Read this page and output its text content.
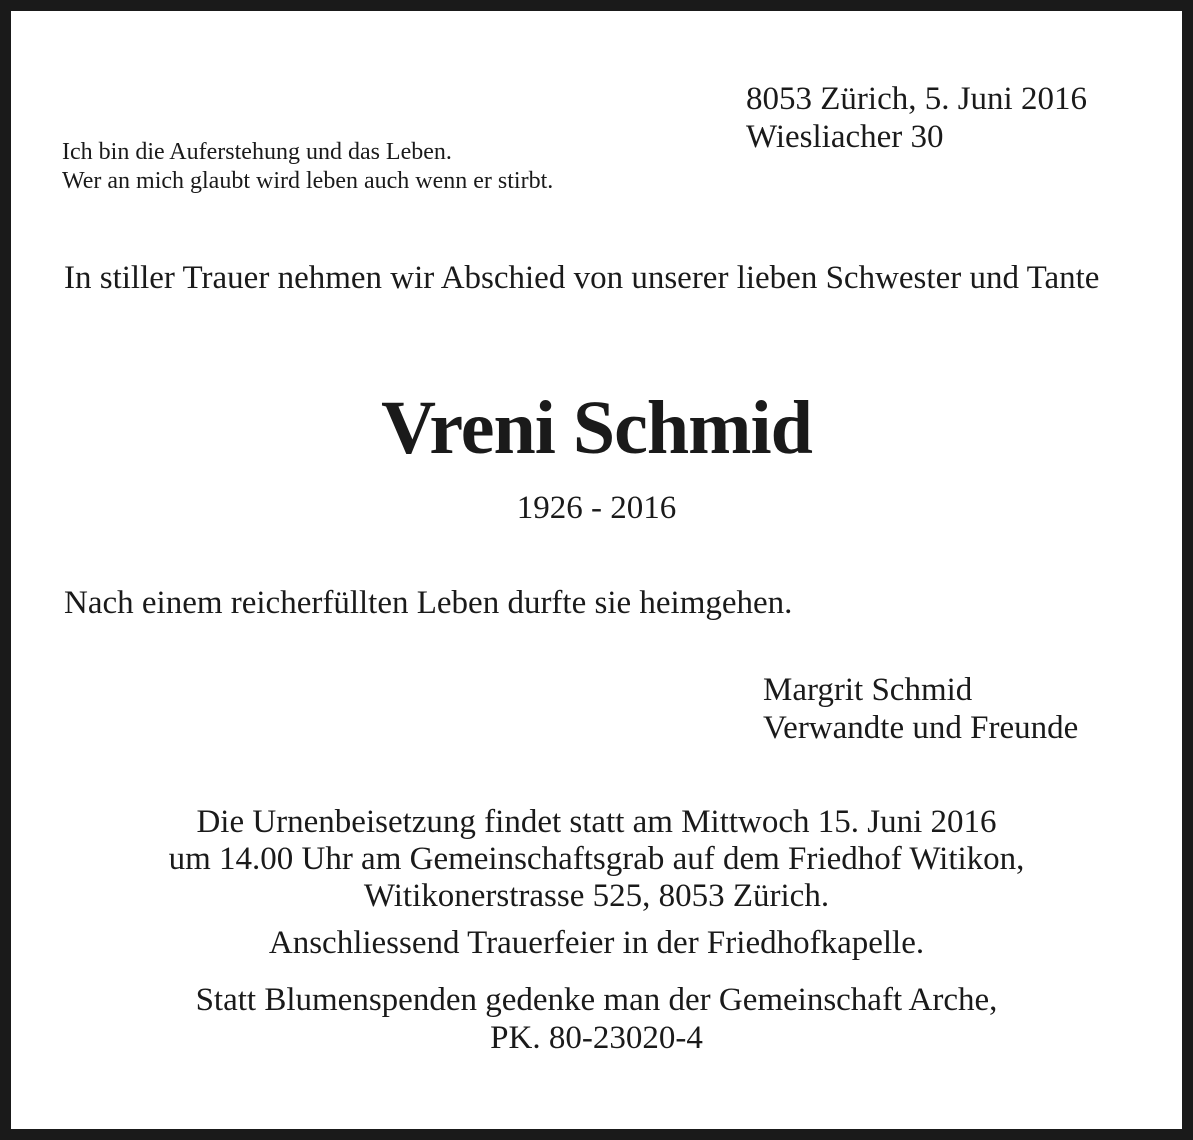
Ich bin die Auferstehung und das Leben.
Wer an mich glaubt wird leben auch wenn er stirbt.
8053 Zürich, 5. Juni 2016
Wiesliacher 30
In stiller Trauer nehmen wir Abschied von unserer lieben Schwester und Tante
Vreni Schmid
1926 - 2016
Nach einem reicherfüllten Leben durfte sie heimgehen.
Margrit Schmid
Verwandte und Freunde
Die Urnenbeisetzung findet statt am Mittwoch 15. Juni 2016
um 14.00 Uhr am Gemeinschaftsgrab auf dem Friedhof Witikon,
Witikonerstrasse 525, 8053 Zürich.
Anschliessend Trauerfeier in der Friedhofkapelle.
Statt Blumenspenden gedenke man der Gemeinschaft Arche,
PK. 80-23020-4
